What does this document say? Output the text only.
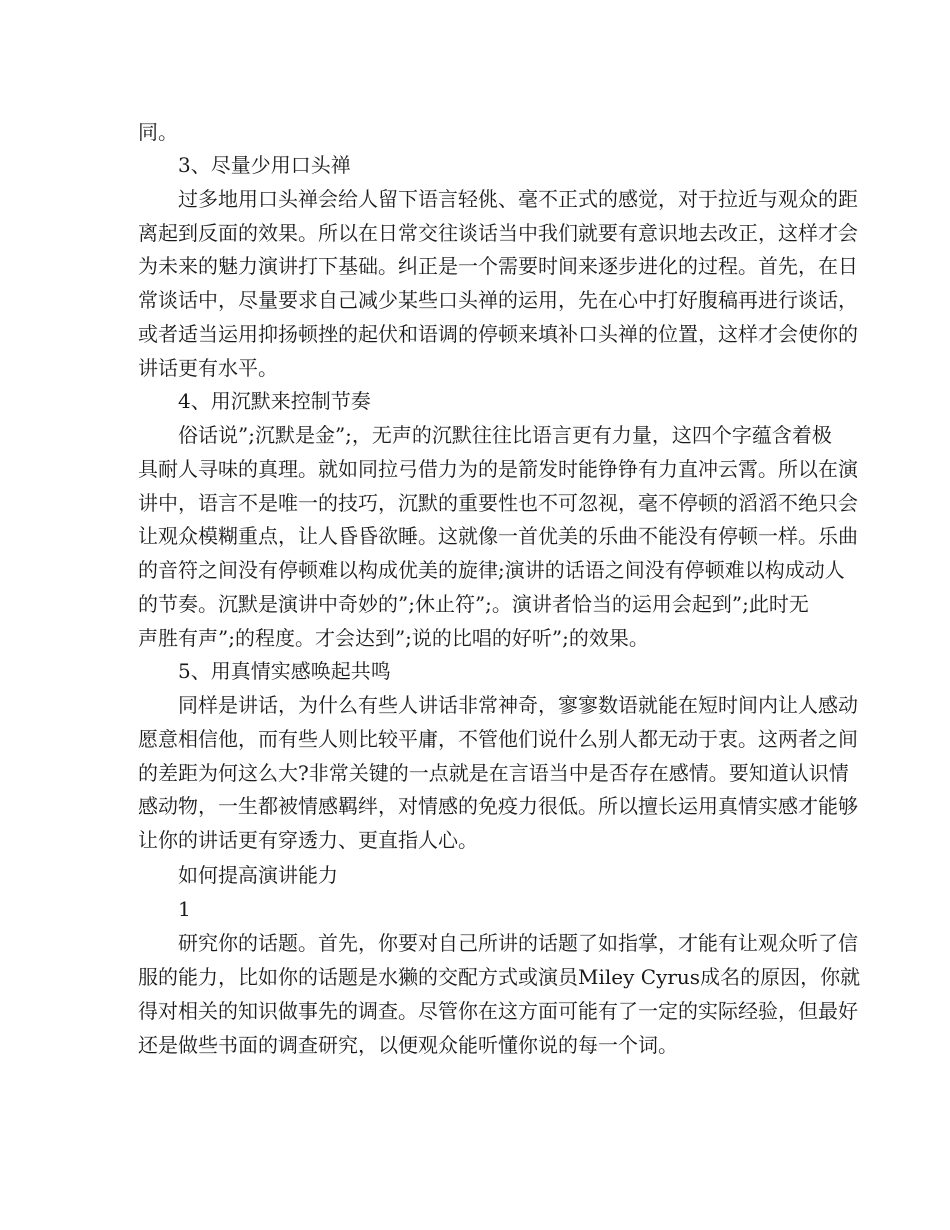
同。
3、尽量少用口头禅
过多地用口头禅会给人留下语言轻佻、毫不正式的感觉，对于拉近与观众的距
离起到反面的效果。所以在日常交往谈话当中我们就要有意识地去改正，这样才会
为未来的魅力演讲打下基础。纠正是一个需要时间来逐步进化的过程。首先，在日
常谈话中，尽量要求自己减少某些口头禅的运用，先在心中打好腹稿再进行谈话，
或者适当运用抑扬顿挫的起伏和语调的停顿来填补口头禅的位置，这样才会使你的
讲话更有水平。
4、用沉默来控制节奏
俗话说”;沉默是金”;，无声的沉默往往比语言更有力量，这四个字蕴含着极
具耐人寻味的真理。就如同拉弓借力为的是箭发时能铮铮有力直冲云霄。所以在演
讲中，语言不是唯一的技巧，沉默的重要性也不可忽视，毫不停顿的滔滔不绝只会
让观众模糊重点，让人昏昏欲睡。这就像一首优美的乐曲不能没有停顿一样。乐曲
的音符之间没有停顿难以构成优美的旋律;演讲的话语之间没有停顿难以构成动人
的节奏。沉默是演讲中奇妙的”;休止符”;。演讲者恰当的运用会起到”;此时无
声胜有声”;的程度。才会达到”;说的比唱的好听”;的效果。
5、用真情实感唤起共鸣
同样是讲话，为什么有些人讲话非常神奇，寥寥数语就能在短时间内让人感动
愿意相信他，而有些人则比较平庸，不管他们说什么别人都无动于衷。这两者之间
的差距为何这么大?非常关键的一点就是在言语当中是否存在感情。要知道认识情
感动物，一生都被情感羁绊，对情感的免疫力很低。所以擅长运用真情实感才能够
让你的讲话更有穿透力、更直指人心。
如何提高演讲能力
1
研究你的话题。首先，你要对自己所讲的话题了如指掌，才能有让观众听了信
服的能力，比如你的话题是水獭的交配方式或演员Miley Cyrus成名的原因，你就
得对相关的知识做事先的调查。尽管你在这方面可能有了一定的实际经验，但最好
还是做些书面的调查研究，以便观众能听懂你说的每一个词。
